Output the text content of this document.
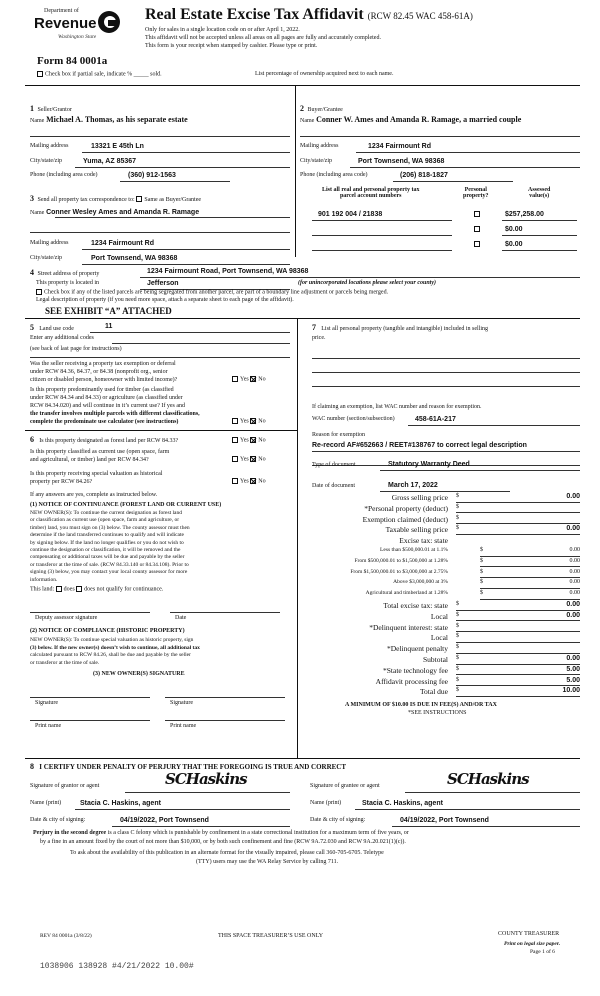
Department of
Revenue
Washington State
Real Estate Excise Tax Affidavit (RCW 82.45 WAC 458-61A)
Only for sales in a single location code on or after April 1, 2022.
This affidavit will not be accepted unless all areas on all pages are fully and accurately completed.
This form is your receipt when stamped by cashier. Please type or print.
Form 84 0001a
Check box if partial sale, indicate % _____ sold.	List percentage of ownership acquired next to each name.
1 Seller/Grantor
Name Michael A. Thomas, as his separate estate
Mailing address	13321 E 45th Ln
City/state/zip	Yuma, AZ 85367
Phone (including area code)	(360) 912-1563
2 Buyer/Grantee
Name Conner W. Ames and Amanda R. Ramage, a married couple
Mailing address	1234 Fairmount Rd
City/state/zip	Port Townsend, WA 98368
Phone (including area code)	(206) 818-1827
List all real and personal property tax
parcel account numbers
Personal
property?
Assessed
value(s)
901 192 004 / 21838	$257,258.00
$0.00
$0.00
3 Send all property tax correspondence to: Same as Buyer/Grantee
Name Conner Wesley Ames and Amanda R. Ramage
Mailing address	1234 Fairmount Rd
City/state/zip	Port Townsend, WA 98368
4 Street address of property	1234 Fairmount Road, Port Townsend, WA 98368
This property is located in	Jefferson	(for unincorporated locations please select your county)
Check box if any of the listed parcels are being segregated from another parcel, are part of a boundary line adjustment or parcels being merged.
Legal description of property (if you need more space, attach a separate sheet to each page of the affidavit).
SEE EXHIBIT “A” ATTACHED
5 Land use code	11
Enter any additional codes
(see back of last page for instructions)
Was the seller receiving a property tax exemption or deferral
under RCW 84.36, 84.37, or 84.38 (nonprofit org., senior
citizen or disabled person, homeowner with limited income)?	Yes No
Is this property predominantly used for timber (as classified
under RCW 84.34 and 84.33) or agriculture (as classified under
RCW 84.34.020) and will continue in it’s current use? If yes and
the transfer involves multiple parcels with different classifications,
complete the predominate use calculator (see instructions)	Yes No
6 Is this property designated as forest land per RCW 84.33?	Yes No
Is this property classified as current use (open space, farm
and agricultural, or timber) land per RCW 84.34?	Yes No
Is this property receiving special valuation as historical
property per RCW 84.26?	Yes No
If any answers are yes, complete as instructed below.
(1) NOTICE OF CONTINUANCE (FOREST LAND OR CURRENT USE)
NEW OWNER(S): To continue the current designation as forest land
or classification as current use (open space, farm and agriculture, or
timber) land, you must sign on (3) below. The county assessor must then
determine if the land transferred continues to qualify and will indicate
by signing below. If the land no longer qualifies or you do not wish to
continue the designation or classification, it will be removed and the
compensating or additional taxes will be due and payable by the seller
or transferor at the time of sale. (RCW 84.33.140 or 84.34.108). Prior to
signing (3) below, you may contact your local county assessor for more
information.
This land: does does not qualify for continuance.
Deputy assessor signature	Date
(2) NOTICE OF COMPLIANCE (HISTORIC PROPERTY)
NEW OWNER(S): To continue special valuation as historic property, sign
(3) below. If the new owner(s) doesn’t wish to continue, all additional tax
calculated pursuant to RCW 84.26, shall be due and payable by the seller
or transferor at the time of sale.
(3) NEW OWNER(S) SIGNATURE
Signature	Signature
Print name	Print name
7 List all personal property (tangible and intangible) included in selling
price.
If claiming an exemption, list WAC number and reason for exemption.
WAC number (section/subsection)	458-61A-217
Reason for exemption
Re-record AF#652663 / REET#138767 to correct legal description
Type of document	Statutory Warranty Deed
Date of document	March 17, 2022
Gross selling price $	0.00
*Personal property (deduct) $
Exemption claimed (deduct) $
Taxable selling price $	0.00
Excise tax: state
Less than $500,000.01 at 1.1%	$	0.00
From $500,000.01 to $1,500,000 at 1.28%	$	0.00
From $1,500,000.01 to $3,000,000 at 2.75%	$	0.00
Above $3,000,000 at 3%	$	0.00
Agricultural and timberland at 1.28%	$	0.00
Total excise tax: state $	0.00
Local $	0.00
*Delinquent interest: state $
Local $
*Delinquent penalty $
Subtotal $	0.00
*State technology fee $	5.00
Affidavit processing fee $	5.00
Total due $	10.00
A MINIMUM OF $10.00 IS DUE IN FEE(S) AND/OR TAX
*SEE INSTRUCTIONS
8 I CERTIFY UNDER PENALTY OF PERJURY THAT THE FOREGOING IS TRUE AND CORRECT
Signature of grantor or agent	SCHaskins
Name (print)	Stacia C. Haskins, agent
Date & city of signing:	04/19/2022, Port Townsend
Signature of grantee or agent	SCHaskins
Name (print)	Stacia C. Haskins, agent
Date & city of signing:	04/19/2022, Port Townsend
Perjury in the second degree is a class C felony which is punishable by confinement in a state correctional institution for a maximum term of five years, or
by a fine in an amount fixed by the court of not more than $10,000, or by both such confinement and fine (RCW 9A.72.030 and RCW 9A.20.021(1)(c)).
To ask about the availability of this publication in an alternate format for the visually impaired, please call 360-705-6705. Teletype
(TTY) users may use the WA Relay Service by calling 711.
REV 84 0001a (3/8/22)	THIS SPACE TREASURER’S USE ONLY	COUNTY TREASURER
Print on legal size paper.
Page 1 of 6
1038906 138928 #4/21/2022 10.00#
